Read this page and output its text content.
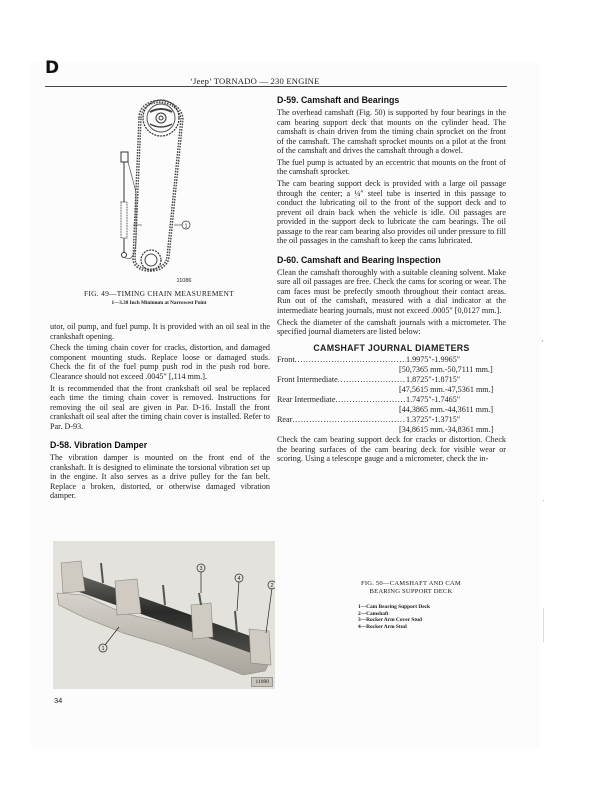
D
‘Jeep’ TORNADO — 230 ENGINE
1
11086
FIG. 49—TIMING CHAIN MEASUREMENT
1—3.38 Inch Minimum at Narrowest Point

utor, oil pump, and fuel pump. It is provided with an oil seal in the crankshaft opening.

Check the timing chain cover for cracks, distortion, and damaged component mounting studs. Replace loose or damaged studs. Check the fit of the fuel pump push rod in the push rod bore. Clearance should not exceed .0045″ [,114 mm.].

It is recommended that the front crankshaft oil seal be replaced each time the timing chain cover is removed. Instructions for removing the oil seal are given in Par. D-16. Install the front crankshaft oil seal after the timing chain cover is installed. Refer to Par. D-93.

D-58. Vibration Damper

The vibration damper is mounted on the front end of the crankshaft. It is designed to eliminate the torsional vibration set up in the engine. It also serves as a drive pulley for the fan belt. Replace a broken, distorted, or otherwise damaged vibration damper.

D-59. Camshaft and Bearings

The overhead camshaft (Fig. 50) is supported by four bearings in the cam bearing support deck that mounts on the cylinder head. The camshaft is chain driven from the timing chain sprocket on the front of the camshaft. The camshaft sprocket mounts on a pilot at the front of the camshaft and drives the camshaft through a dowel.

The fuel pump is actuated by an eccentric that mounts on the front of the camshaft sprocket.

The cam bearing support deck is provided with a large oil passage through the center; a ¼″ steel tube is inserted in this passage to conduct the lubricating oil to the front of the support deck and to prevent oil drain back when the vehicle is idle. Oil passages are provided in the support deck to lubricate the cam bearings. The oil passage to the rear cam bearing also provides oil under pressure to fill the oil passages in the camshaft to keep the cams lubricated.

D-60. Camshaft and Bearing Inspection

Clean the camshaft thoroughly with a suitable cleaning solvent. Make sure all oil passages are free. Check the cams for scoring or wear. The cam faces must be prefectly smooth throughout their contact areas. Run out of the camshaft, measured with a dial indicator at the intermediate bearing journals, must not exceed .0005″ [0,0127 mm.].

Check the diameter of the camshaft journals with a micrometer. The specified journal diameters are listed below:

CAMSHAFT JOURNAL DIAMETERS
Front .....	1.9975″-1.9965″
[50,7365 mm.-50,7111 mm.]
Front Intermediate .....	1.8725″-1.8715″
[47,5615 mm.-47,5361 mm.]
Rear Intermediate .....	1.7475″-1.7465″
[44,3865 mm.-44,3611 mm.]
Rear .....	1.3725″-1.3715″
[34,8615 mm.-34,8361 mm.]

Check the cam bearing support deck for cracks or distortion. Check the bearing surfaces of the cam bearing deck for visible wear or scoring. Using a telescope gauge and a micrometer, check the in-

1
2
3
4
11090
FIG. 50—CAMSHAFT AND CAM BEARING SUPPORT DECK
1—Cam Bearing Support Deck
2—Camshaft
3—Rocker Arm Cover Stud
4—Rocker Arm Stud
34
